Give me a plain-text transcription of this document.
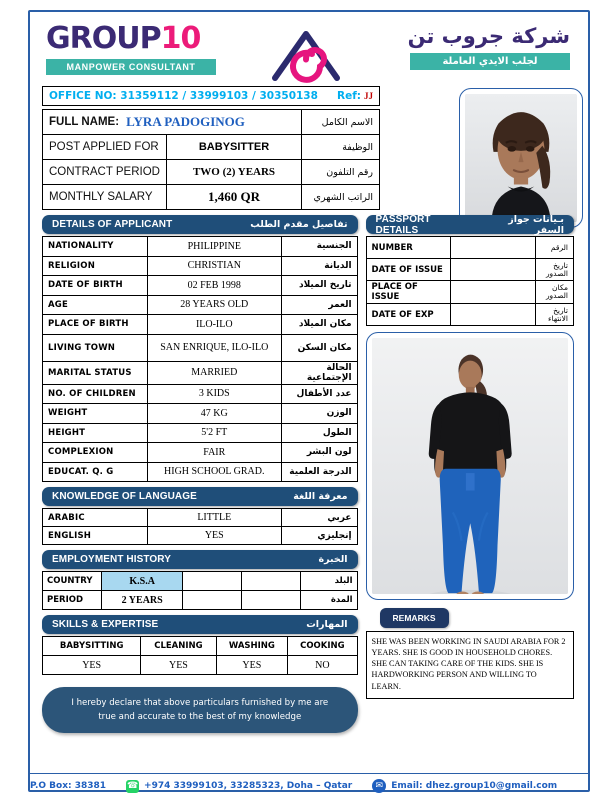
GROUP10
MANPOWER CONSULTANT
شركة جروب تن
لجلب الايدي العاملة
OFFICE NO: 31359112 / 33999103 / 30350138 Ref: JJ
FULL NAME: LYRA PADOGINOG		الاسم الكامل
POST APPLIED FOR	BABYSITTER	الوظيفة
CONTRACT PERIOD	TWO (2) YEARS	رقم التلفون
MONTHLY SALARY	1,460 QR	الراتب الشهري
DETAILS OF APPLICANT	تفاصيل مقدم الطلب
NATIONALITY	PHILIPPINE	الجنسية
RELIGION	CHRISTIAN	الديانة
DATE OF BIRTH	02 FEB 1998	تاريخ الميلاد
AGE	28 YEARS OLD	العمر
PLACE OF BIRTH	ILO-ILO	مكان الميلاد
LIVING TOWN	SAN ENRIQUE, ILO-ILO	مكان السكن
MARITAL STATUS	MARRIED	الحالة الإجتماعية
NO. OF CHILDREN	3 KIDS	عدد الأطفال
WEIGHT	47 KG	الوزن
HEIGHT	5'2 FT	الطول
COMPLEXION	FAIR	لون البشر
EDUCAT. Q. G	HIGH SCHOOL GRAD.	الدرجة العلمية
KNOWLEDGE OF LANGUAGE	معرفة اللغة
ARABIC	LITTLE	عربي
ENGLISH	YES	إنجليزي
EMPLOYMENT HISTORY	الخبرة
COUNTRY	K.S.A			البلد
PERIOD	2 YEARS			المدة
SKILLS & EXPERTISE	المهارات
BABYSITTING	CLEANING	WASHING	COOKING
YES	YES	YES	NO
I hereby declare that above particulars furnished by me are true and accurate to the best of my knowledge
PASSPORT DETAILS
بـيانات جواز السفر
NUMBER		الرقم
DATE OF ISSUE		تاريخ الصدور
PLACE OF ISSUE		مكان الصدور
DATE OF EXP		تاريخ الانتهاء
REMARKS
SHE WAS BEEN WORKING IN SAUDI ARABIA FOR 2 YEARS. SHE IS GOOD IN HOUSEHOLD CHORES. SHE CAN TAKING CARE OF THE KIDS. SHE IS HARDWORKING PERSON AND WILLING TO LEARN.
P.O Box: 38381 ☎ +974 33999103, 33285323, Doha – Qatar	✉ Email: dhez.group10@gmail.com
